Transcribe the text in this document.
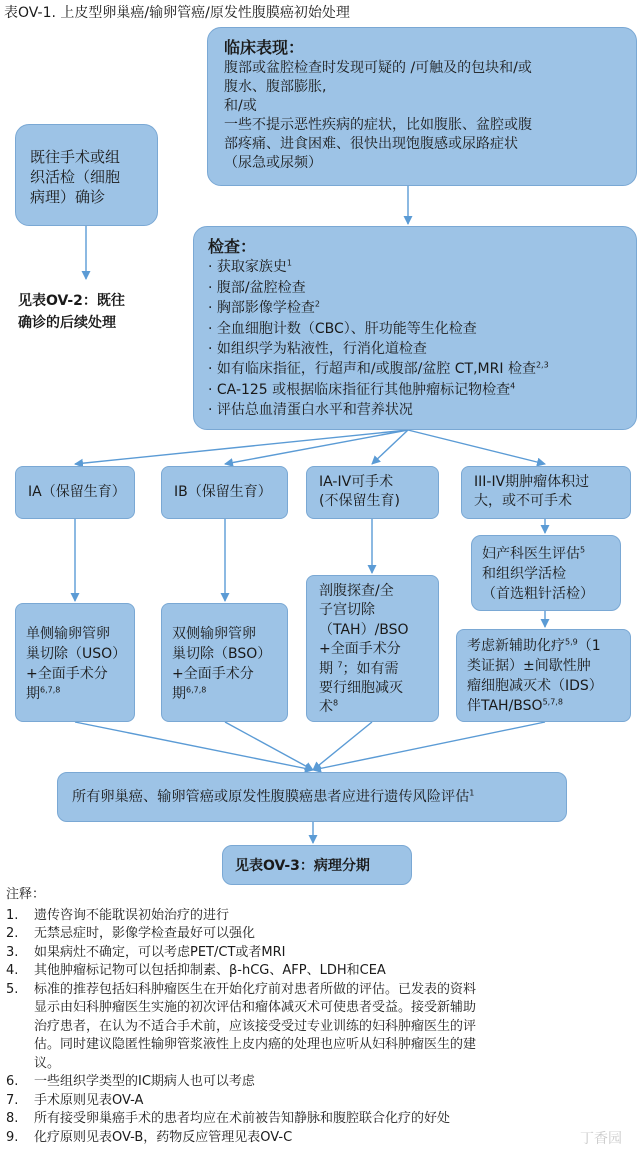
表OV-1. 上皮型卵巢癌/输卵管癌/原发性腹膜癌初始处理
临床表现：
腹部或盆腔检查时发现可疑的 /可触及的包块和/或
腹水、腹部膨胀,
和/或
一些不提示恶性疾病的症状，比如腹胀、盆腔或腹
部疼痛、进食困难、很快出现饱腹感或尿路症状
（尿急或尿频）
既往手术或组
织活检（细胞
病理）确诊
见表OV-2：既往
确诊的后续处理
检查：
· 获取家族史$^1$
· 腹部/盆腔检查
· 胸部影像学检查$^2$
· 全血细胞计数（CBC）、肝功能等生化检查
· 如组织学为粘液性，行消化道检查
· 如有临床指征，行超声和/或腹部/盆腔 CT,MRI 检查$^{2,3}$
· CA-125 或根据临床指征行其他肿瘤标记物检查$^4$
· 评估总血清蛋白水平和营养状况
IA（保留生育）	IB（保留生育）
IA-IV可手术
(不保留生育)
III-IV期肿瘤体积过
大，或不可手术
妇产科医生评估$^5$
和组织学活检
（首选粗针活检）
单侧输卵管卵
巢切除（USO）
+全面手术分
期$^{6,7,8}$
双侧输卵管卵
巢切除（BSO）
+全面手术分
期$^{6,7,8}$
剖腹探查/全
子宫切除
（TAH）/BSO
+全面手术分
期 $^7$；如有需
要行细胞减灭
术$^8$
考虑新辅助化疗$^{5,9}$（1
类证据）±间歇性肿
瘤细胞减灭术（IDS）
伴TAH/BSO$^{5,7,8}$
所有卵巢癌、输卵管癌或原发性腹膜癌患者应进行遗传风险评估$^1$
见表OV-3：病理分期
注释：
1.	遗传咨询不能耽误初始治疗的进行
2.	无禁忌症时，影像学检查最好可以强化
3.	如果病灶不确定，可以考虑PET/CT或者MRI
4.	其他肿瘤标记物可以包括抑制素、β-hCG、AFP、LDH和CEA
5.	标准的推荐包括妇科肿瘤医生在开始化疗前对患者所做的评估。已发表的资料
显示由妇科肿瘤医生实施的初次评估和瘤体减灭术可使患者受益。接受新辅助
治疗患者，在认为不适合手术前，应该接受受过专业训练的妇科肿瘤医生的评
估。同时建议隐匿性输卵管浆液性上皮内癌的处理也应听从妇科肿瘤医生的建
议。
6.	一些组织学类型的IC期病人也可以考虑
7.	手术原则见表OV-A
8.	所有接受卵巢癌手术的患者均应在术前被告知静脉和腹腔联合化疗的好处
9.	化疗原则见表OV-B，药物反应管理见表OV-C	丁香园
